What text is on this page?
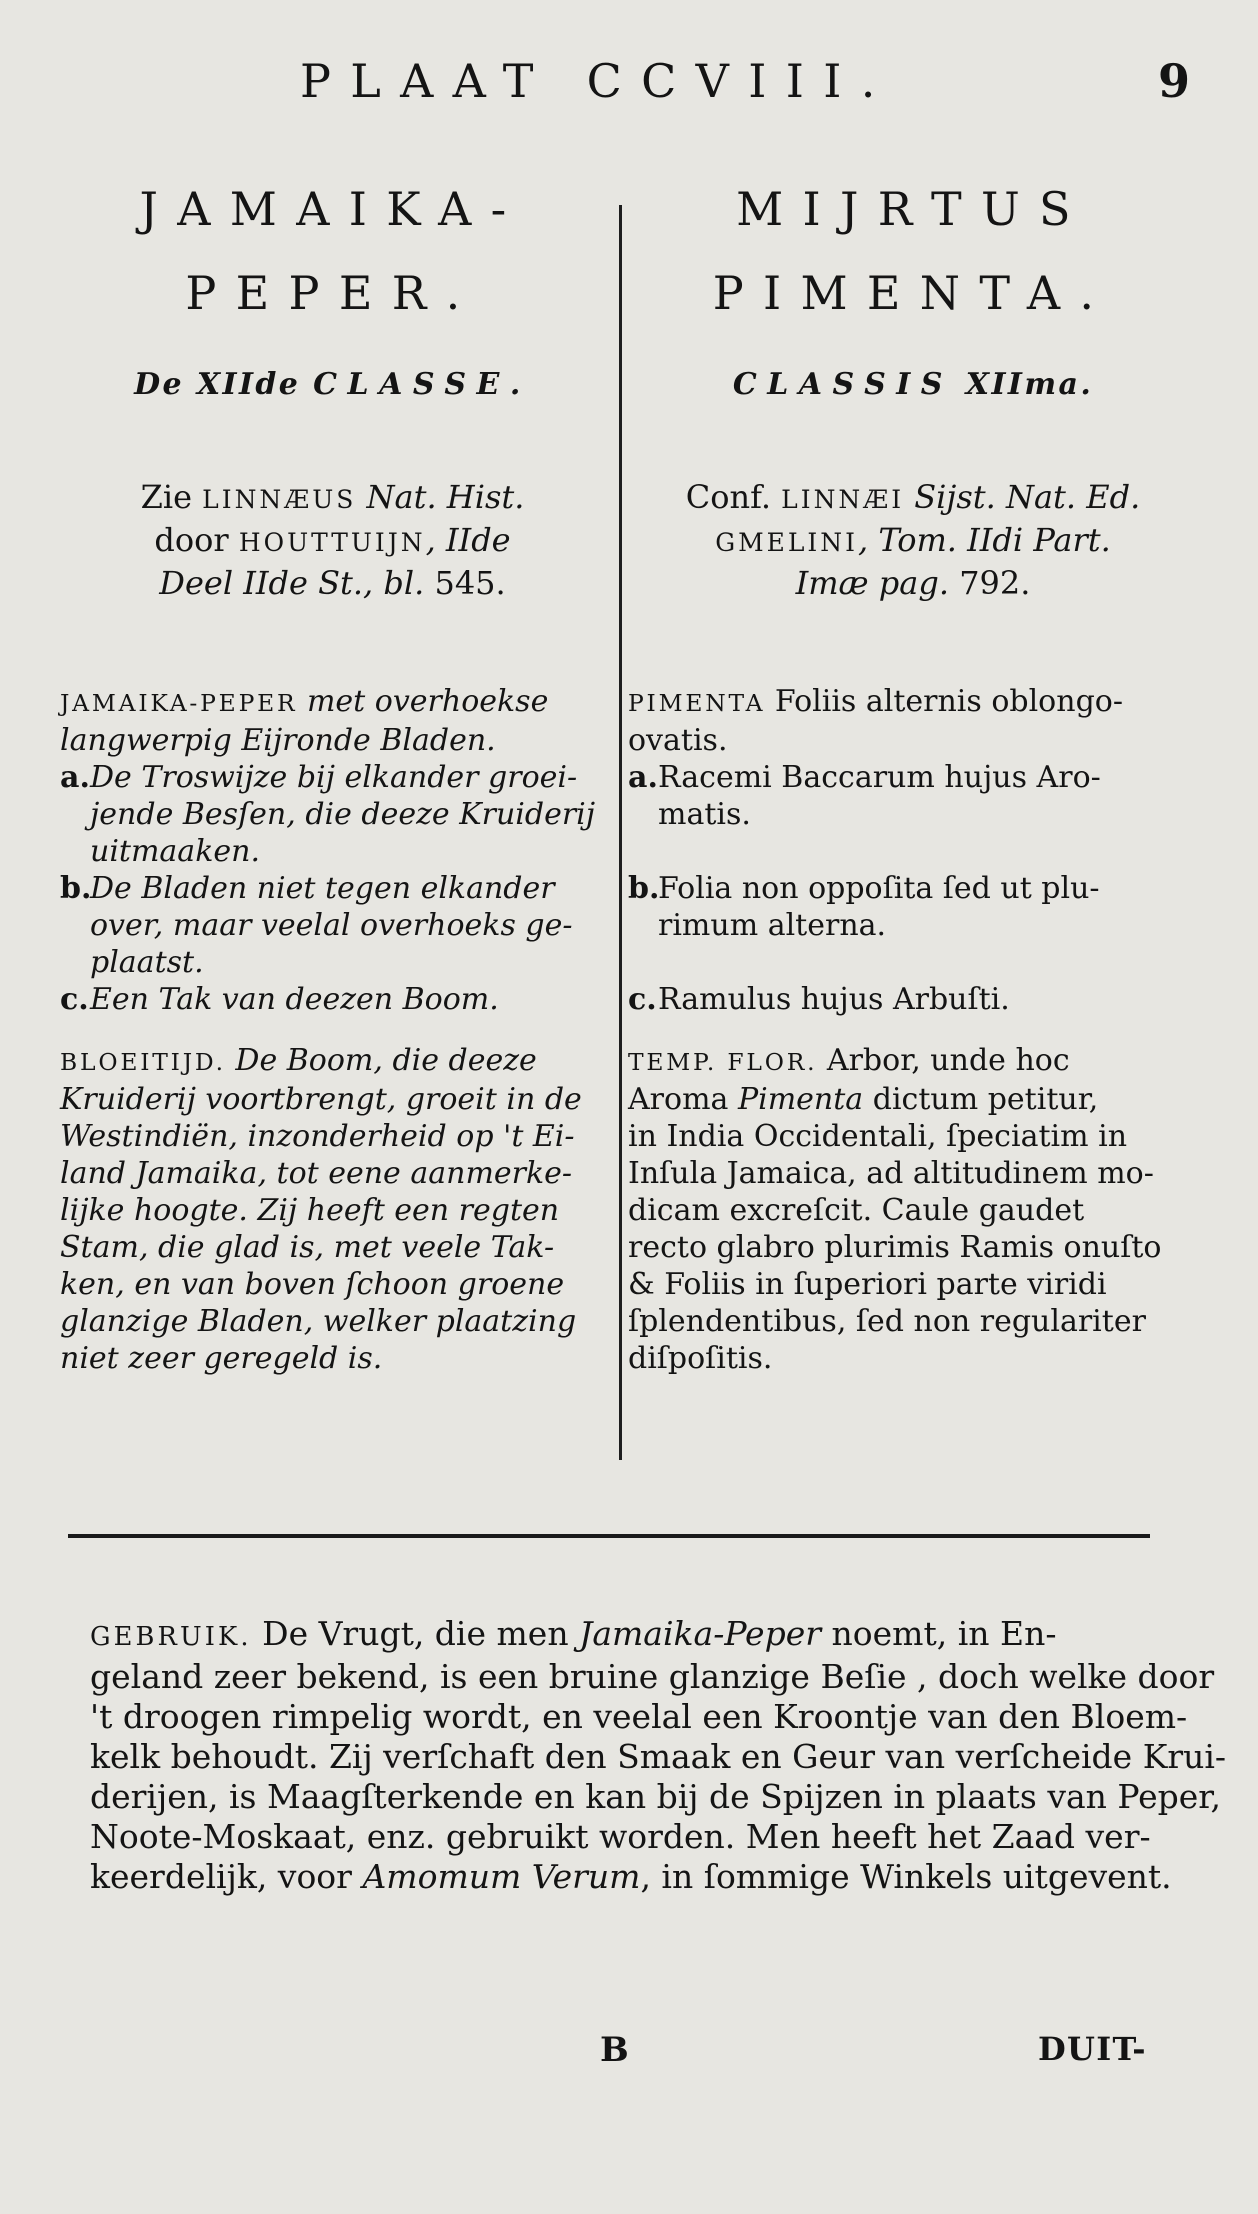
PLAAT CCVIII.	9
JAMAIKA-
PEPER.
De XIIde CLASSE.
Zie LINNÆUS Nat. Hist.
door HOUTTUIJN, IIde
Deel IIde St., bl. 545.
JAMAIKA-PEPER met overhoekse
langwerpig Eijronde Bladen.
a. De Troswijze bij elkander groei-
jende Besſen, die deeze Kruiderij
uitmaaken.
b.
De Bladen niet tegen elkander
over, maar veelal overhoeks ge-
plaatst.
c. Een Tak van deezen Boom.
BLOEITIJD. De Boom, die deeze
Kruiderij voortbrengt, groeit in de
Westindiën, inzonderheid op 't Ei-
land Jamaika, tot eene aanmerke-
lijke hoogte. Zij heeft een regten
Stam, die glad is, met veele Tak-
ken, en van boven ſchoon groene
glanzige Bladen, welker plaatzing
niet zeer geregeld is.
MIJRTUS
PIMENTA.
CLASSIS XIIma.
Conf. LINNÆI Sijst. Nat. Ed.
GMELINI, Tom. IIdi Part.
Imæ pag. 792.
PIMENTA Foliis alternis oblongo-
ovatis.
a. Racemi Baccarum hujus Aro-
matis.
b.
Folia non oppoſita ſed ut plu-
rimum alterna.
c. Ramulus hujus Arbuſti.
TEMP. FLOR. Arbor, unde hoc
Aroma Pimenta dictum petitur,
in India Occidentali, ſpeciatim in
Inſula Jamaica, ad altitudinem mo-
dicam excreſcit. Caule gaudet
recto glabro plurimis Ramis onuſto
& Foliis in ſuperiori parte viridi
ſplendentibus, ſed non regulariter
diſpoſitis.
GEBRUIK. De Vrugt, die men Jamaika-Peper noemt, in En-
geland zeer bekend, is een bruine glanzige Beſie , doch welke door
't droogen rimpelig wordt, en veelal een Kroontje van den Bloem-
kelk behoudt. Zij verſchaft den Smaak en Geur van verſcheide Krui-
derijen, is Maagſterkende en kan bij de Spijzen in plaats van Peper,
Noote-Moskaat, enz. gebruikt worden. Men heeft het Zaad ver-
keerdelijk, voor Amomum Verum, in ſommige Winkels uitgevent.
B	DUIT-
